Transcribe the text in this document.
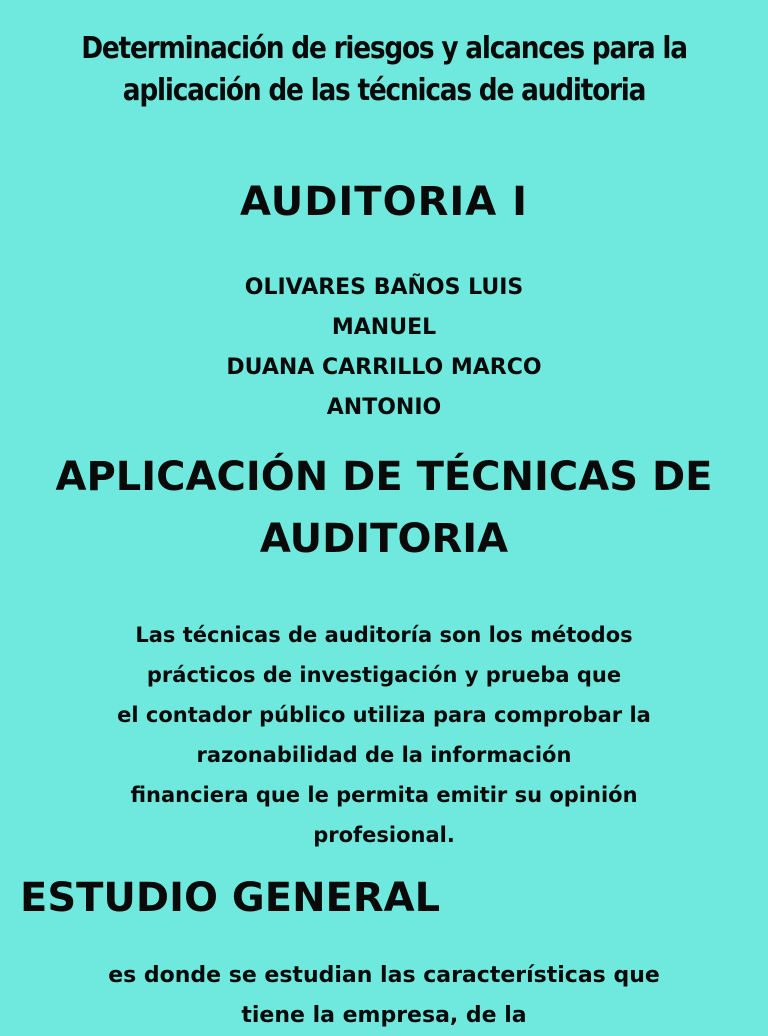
Determinación de riesgos y alcances para la
aplicación de las técnicas de auditoria
AUDITORIA I
OLIVARES BAÑOS LUIS
MANUEL
DUANA CARRILLO MARCO
ANTONIO
APLICACIÓN DE TÉCNICAS DE
AUDITORIA
Las técnicas de auditoría son los métodos
prácticos de investigación y prueba que
el contador público utiliza para comprobar la
razonabilidad de la información
financiera que le permita emitir su opinión
profesional.
ESTUDIO GENERAL
es donde se estudian las características que
tiene la empresa, de la
